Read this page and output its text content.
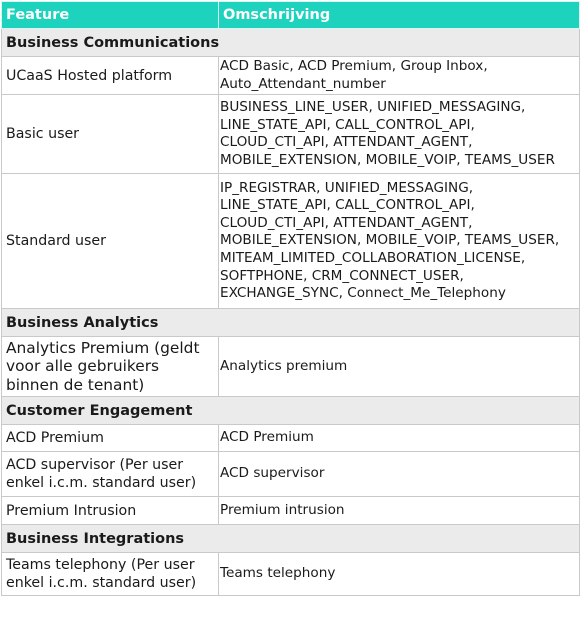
Feature	Omschrijving
Business Communications	
UCaaS Hosted platform	ACD Basic, ACD Premium, Group Inbox, Auto_Attendant_number
Basic user	BUSINESS_LINE_USER, UNIFIED_MESSAGING, LINE_STATE_API, CALL_CONTROL_API, CLOUD_CTI_API, ATTENDANT_AGENT, MOBILE_EXTENSION, MOBILE_VOIP, TEAMS_USER
Standard user	IP_REGISTRAR, UNIFIED_MESSAGING, LINE_STATE_API, CALL_CONTROL_API, CLOUD_CTI_API, ATTENDANT_AGENT, MOBILE_EXTENSION, MOBILE_VOIP, TEAMS_USER, MITEAM_LIMITED_COLLABORATION_LICENSE, SOFTPHONE, CRM_CONNECT_USER, EXCHANGE_SYNC, Connect_Me_Telephony
Business Analytics	
Analytics Premium (geldt voor alle gebruikers binnen de tenant)	Analytics premium
Customer Engagement	
ACD Premium	ACD Premium
ACD supervisor (Per user enkel i.c.m. standard user)	ACD supervisor
Premium Intrusion	Premium intrusion
Business Integrations	
Teams telephony (Per user enkel i.c.m. standard user)	Teams telephony
